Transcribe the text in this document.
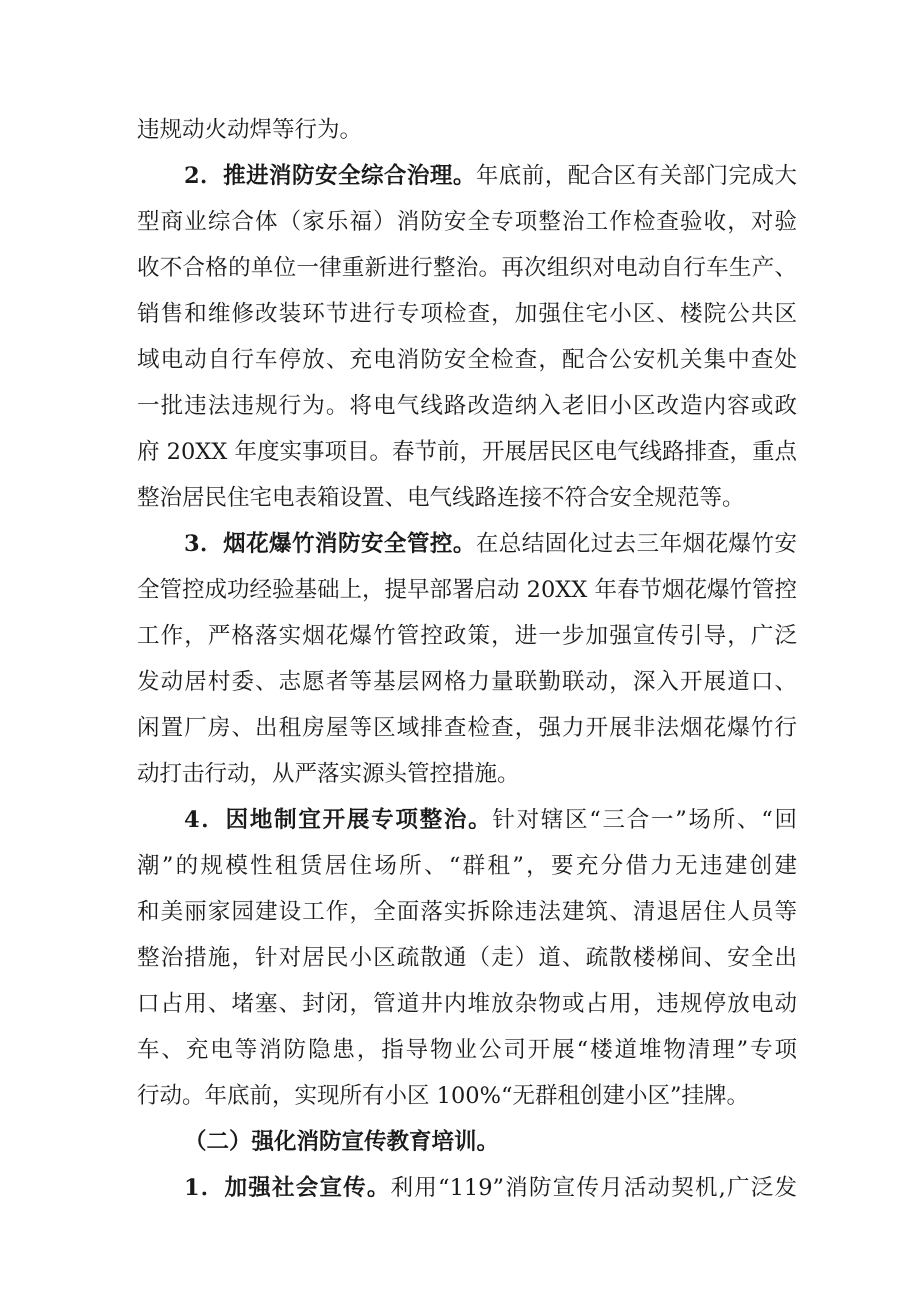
违规动火动焊等行为。
2．推进消防安全综合治理。年底前，配合区有关部门完成大
型商业综合体（家乐福）消防安全专项整治工作检查验收，对验
收不合格的单位一律重新进行整治。再次组织对电动自行车生产、
销售和维修改装环节进行专项检查，加强住宅小区、楼院公共区
域电动自行车停放、充电消防安全检查，配合公安机关集中查处
一批违法违规行为。将电气线路改造纳入老旧小区改造内容或政
府 20XX 年度实事项目。春节前，开展居民区电气线路排查，重点
整治居民住宅电表箱设置、电气线路连接不符合安全规范等。
3．烟花爆竹消防安全管控。在总结固化过去三年烟花爆竹安
全管控成功经验基础上，提早部署启动 20XX 年春节烟花爆竹管控
工作，严格落实烟花爆竹管控政策，进一步加强宣传引导，广泛
发动居村委、志愿者等基层网格力量联勤联动，深入开展道口、
闲置厂房、出租房屋等区域排查检查，强力开展非法烟花爆竹行
动打击行动，从严落实源头管控措施。
4．因地制宜开展专项整治。针对辖区“三合一”场所、“回
潮”的规模性租赁居住场所、“群租”，要充分借力无违建创建
和美丽家园建设工作，全面落实拆除违法建筑、清退居住人员等
整治措施，针对居民小区疏散通（走）道、疏散楼梯间、安全出
口占用、堵塞、封闭，管道井内堆放杂物或占用，违规停放电动
车、充电等消防隐患，指导物业公司开展“楼道堆物清理”专项
行动。年底前，实现所有小区 100%“无群租创建小区”挂牌。
（二）强化消防宣传教育培训。
1．加强社会宣传。利用“119”消防宣传月活动契机,广泛发
